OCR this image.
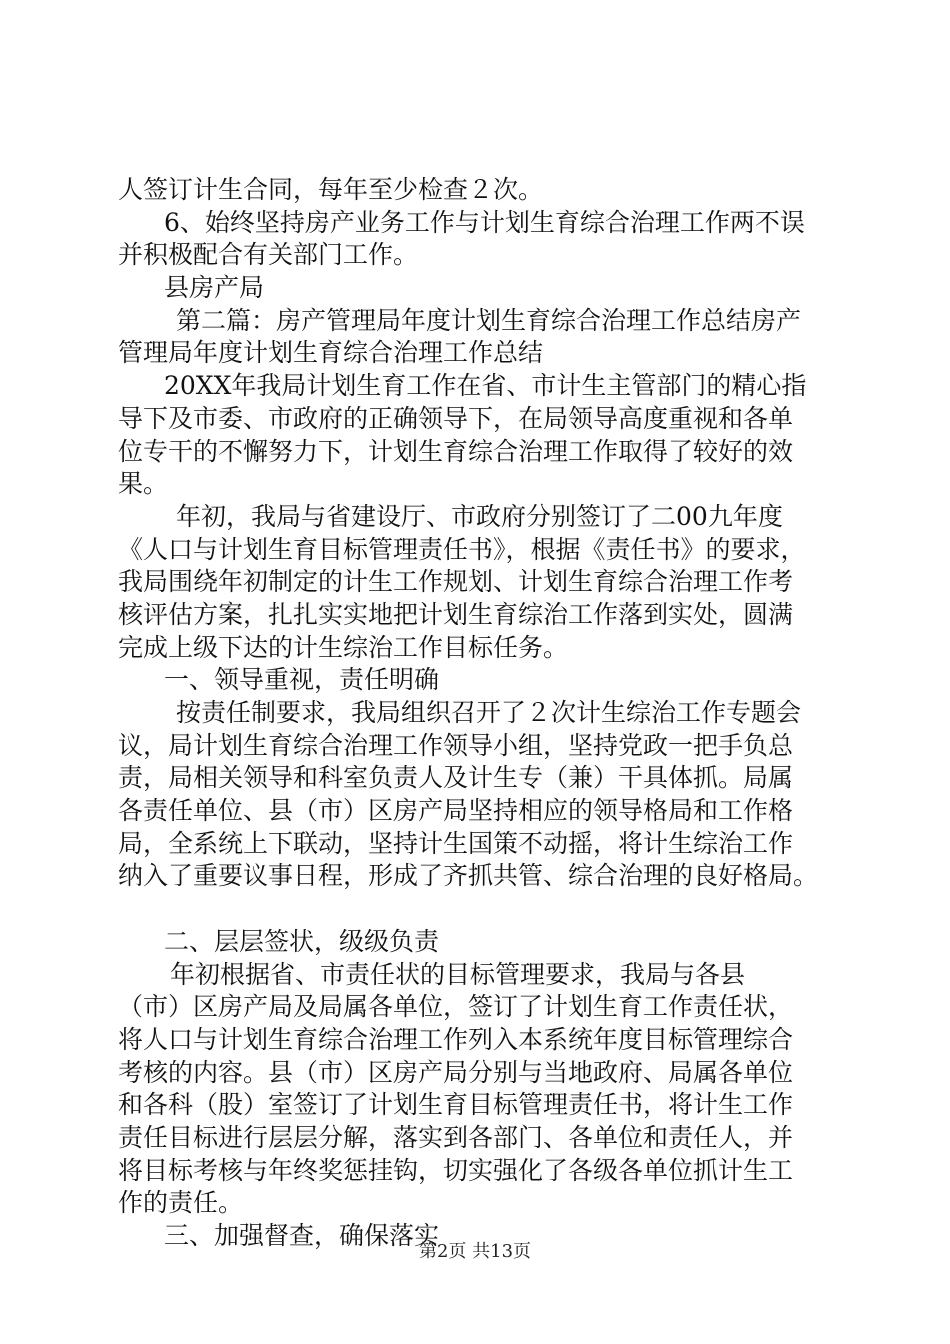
人签订计生合同，每年至少检查２次。
6、始终坚持房产业务工作与计划生育综合治理工作两不误
并积极配合有关部门工作。
县房产局
第二篇：房产管理局年度计划生育综合治理工作总结房产
管理局年度计划生育综合治理工作总结
20XX年我局计划生育工作在省、市计生主管部门的精心指
导下及市委、市政府的正确领导下，在局领导高度重视和各单
位专干的不懈努力下，计划生育综合治理工作取得了较好的效
果。
年初，我局与省建设厅、市政府分别签订了二00九年度
《人口与计划生育目标管理责任书》，根据《责任书》的要求，
我局围绕年初制定的计生工作规划、计划生育综合治理工作考
核评估方案，扎扎实实地把计划生育综治工作落到实处，圆满
完成上级下达的计生综治工作目标任务。
一、领导重视，责任明确
按责任制要求，我局组织召开了２次计生综治工作专题会
议，局计划生育综合治理工作领导小组，坚持党政一把手负总
责，局相关领导和科室负责人及计生专（兼）干具体抓。局属
各责任单位、县（市）区房产局坚持相应的领导格局和工作格
局，全系统上下联动，坚持计生国策不动摇，将计生综治工作
纳入了重要议事日程，形成了齐抓共管、综合治理的良好格局。
二、层层签状，级级负责
年初根据省、市责任状的目标管理要求，我局与各县
（市）区房产局及局属各单位，签订了计划生育工作责任状，
将人口与计划生育综合治理工作列入本系统年度目标管理综合
考核的内容。县（市）区房产局分别与当地政府、局属各单位
和各科（股）室签订了计划生育目标管理责任书，将计生工作
责任目标进行层层分解，落实到各部门、各单位和责任人，并
将目标考核与年终奖惩挂钩，切实强化了各级各单位抓计生工
作的责任。
三、加强督查，确保落实
第2页 共13页
